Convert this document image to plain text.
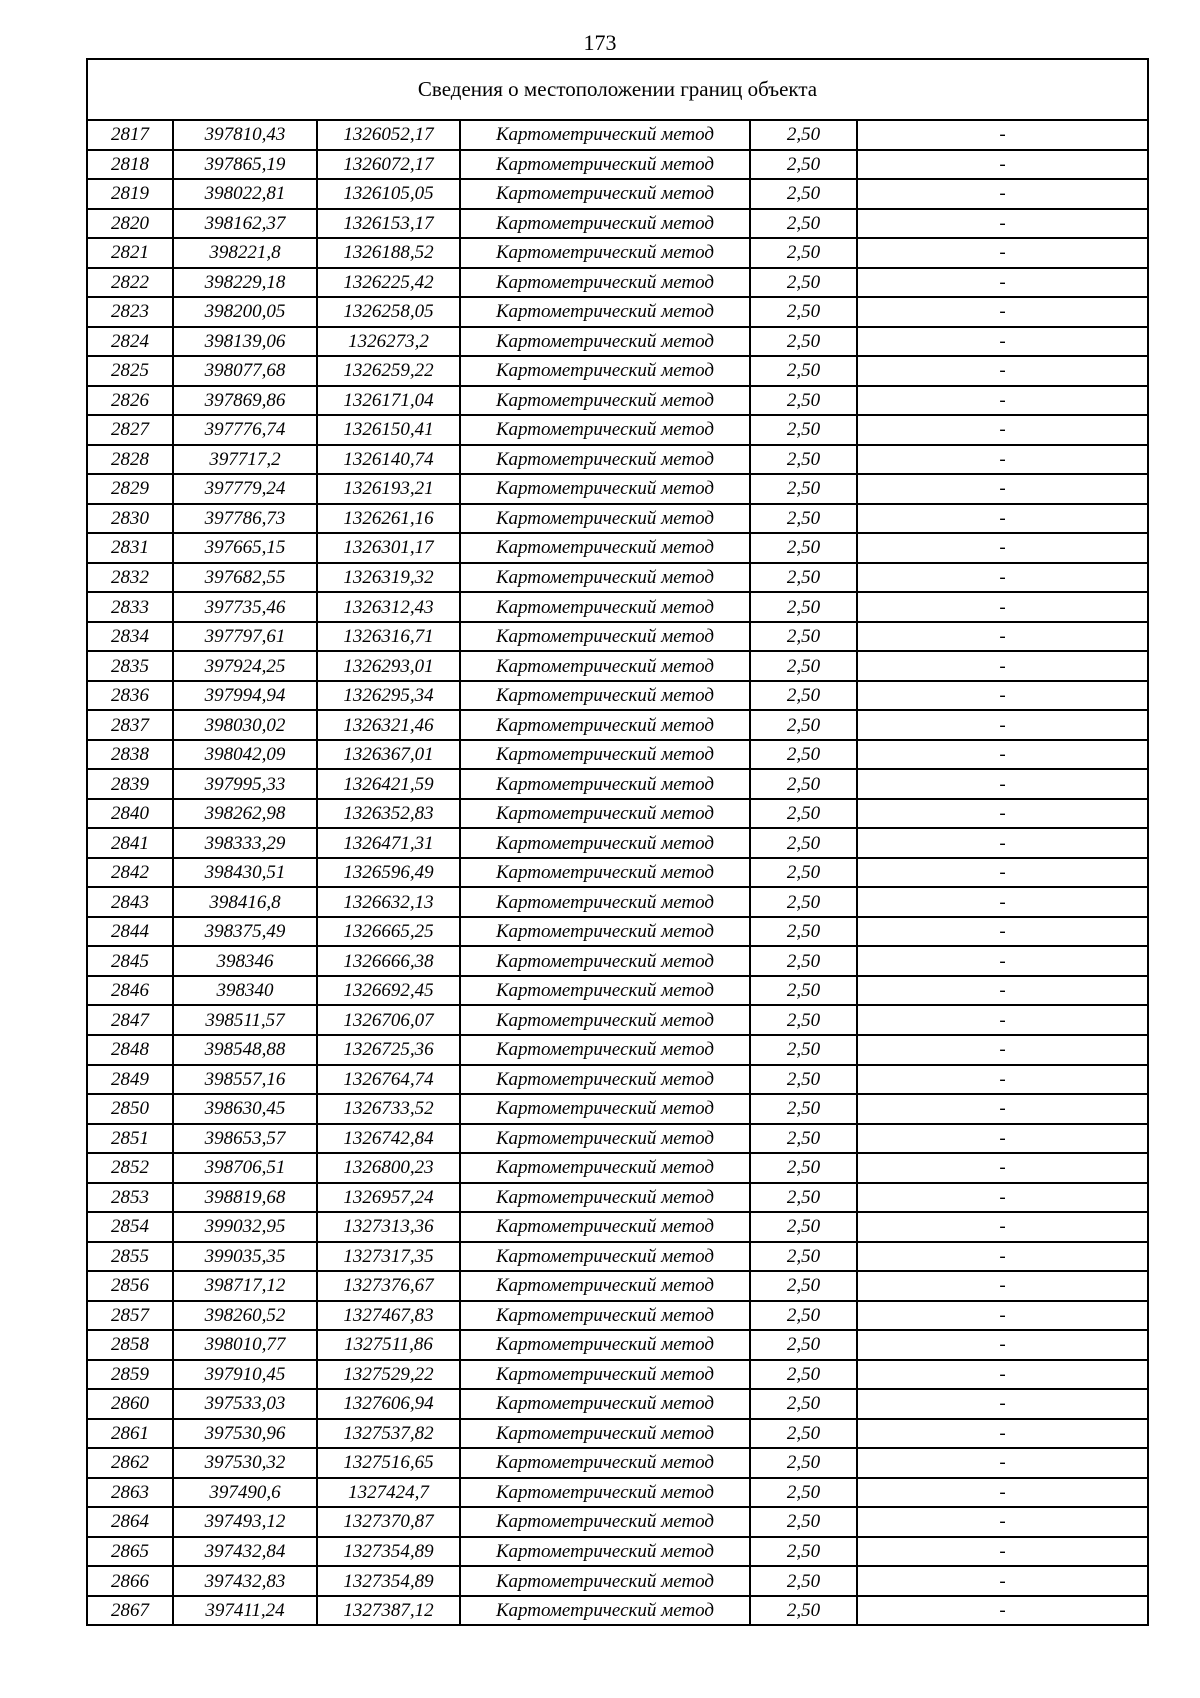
173
Сведения о местоположении границ объекта					
2817	397810,43	1326052,17	Картометрический метод	2,50	-
2818	397865,19	1326072,17	Картометрический метод	2,50	-
2819	398022,81	1326105,05	Картометрический метод	2,50	-
2820	398162,37	1326153,17	Картометрический метод	2,50	-
2821	398221,8	1326188,52	Картометрический метод	2,50	-
2822	398229,18	1326225,42	Картометрический метод	2,50	-
2823	398200,05	1326258,05	Картометрический метод	2,50	-
2824	398139,06	1326273,2	Картометрический метод	2,50	-
2825	398077,68	1326259,22	Картометрический метод	2,50	-
2826	397869,86	1326171,04	Картометрический метод	2,50	-
2827	397776,74	1326150,41	Картометрический метод	2,50	-
2828	397717,2	1326140,74	Картометрический метод	2,50	-
2829	397779,24	1326193,21	Картометрический метод	2,50	-
2830	397786,73	1326261,16	Картометрический метод	2,50	-
2831	397665,15	1326301,17	Картометрический метод	2,50	-
2832	397682,55	1326319,32	Картометрический метод	2,50	-
2833	397735,46	1326312,43	Картометрический метод	2,50	-
2834	397797,61	1326316,71	Картометрический метод	2,50	-
2835	397924,25	1326293,01	Картометрический метод	2,50	-
2836	397994,94	1326295,34	Картометрический метод	2,50	-
2837	398030,02	1326321,46	Картометрический метод	2,50	-
2838	398042,09	1326367,01	Картометрический метод	2,50	-
2839	397995,33	1326421,59	Картометрический метод	2,50	-
2840	398262,98	1326352,83	Картометрический метод	2,50	-
2841	398333,29	1326471,31	Картометрический метод	2,50	-
2842	398430,51	1326596,49	Картометрический метод	2,50	-
2843	398416,8	1326632,13	Картометрический метод	2,50	-
2844	398375,49	1326665,25	Картометрический метод	2,50	-
2845	398346	1326666,38	Картометрический метод	2,50	-
2846	398340	1326692,45	Картометрический метод	2,50	-
2847	398511,57	1326706,07	Картометрический метод	2,50	-
2848	398548,88	1326725,36	Картометрический метод	2,50	-
2849	398557,16	1326764,74	Картометрический метод	2,50	-
2850	398630,45	1326733,52	Картометрический метод	2,50	-
2851	398653,57	1326742,84	Картометрический метод	2,50	-
2852	398706,51	1326800,23	Картометрический метод	2,50	-
2853	398819,68	1326957,24	Картометрический метод	2,50	-
2854	399032,95	1327313,36	Картометрический метод	2,50	-
2855	399035,35	1327317,35	Картометрический метод	2,50	-
2856	398717,12	1327376,67	Картометрический метод	2,50	-
2857	398260,52	1327467,83	Картометрический метод	2,50	-
2858	398010,77	1327511,86	Картометрический метод	2,50	-
2859	397910,45	1327529,22	Картометрический метод	2,50	-
2860	397533,03	1327606,94	Картометрический метод	2,50	-
2861	397530,96	1327537,82	Картометрический метод	2,50	-
2862	397530,32	1327516,65	Картометрический метод	2,50	-
2863	397490,6	1327424,7	Картометрический метод	2,50	-
2864	397493,12	1327370,87	Картометрический метод	2,50	-
2865	397432,84	1327354,89	Картометрический метод	2,50	-
2866	397432,83	1327354,89	Картометрический метод	2,50	-
2867	397411,24	1327387,12	Картометрический метод	2,50	-
